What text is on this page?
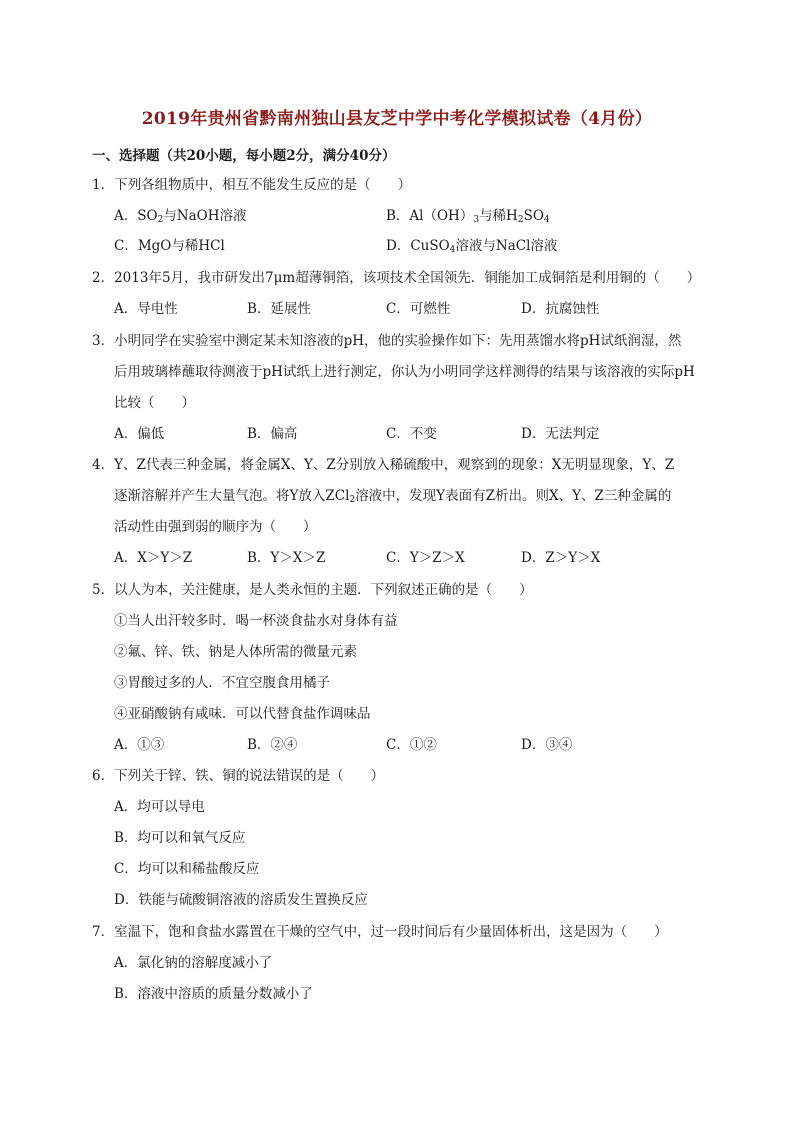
2019年贵州省黔南州独山县友芝中学中考化学模拟试卷（4月份）
一、选择题（共20小题，每小题2分，满分40分）
1．下列各组物质中，相互不能发生反应的是（　　）
A．$SO_2$与NaOH溶液	B．$Al(OH)_3$与稀$H_2SO_4$
C．MgO与稀HCl	D．CuSO$_4$溶液与NaCl溶液
2．2013年5月，我市研发出7μm超薄铜箔，该项技术全国领先．铜能加工成铜箔是利用铜的（　　）
A．导电性	B．延展性	C．可燃性	D．抗腐蚀性
3．小明同学在实验室中测定某未知溶液的pH，他的实验操作如下：先用蒸馏水将pH试纸润湿，然
后用玻璃棒蘸取待测液于pH试纸上进行测定，你认为小明同学这样测得的结果与该溶液的实际pH
比较（　　）
A．偏低	B．偏高	C．不变	D．无法判定
4．Y、Z代表三种金属，将金属X、Y、Z分别放入稀硫酸中，观察到的现象：X无明显现象，Y、Z
逐渐溶解并产生大量气泡。将Y放入ZCl$_2$溶液中，发现Y表面有Z析出。则X、Y、Z三种金属的
活动性由强到弱的顺序为（　　）
A．X＞Y＞Z	B．Y＞X＞Z	C．Y＞Z＞X	D．Z＞Y＞X
5．以人为本，关注健康，是人类永恒的主题．下列叙述正确的是（　　）
①当人出汗较多时．喝一杯淡食盐水对身体有益
②氟、锌、铁、钠是人体所需的微量元素
③胃酸过多的人．不宜空腹食用橘子
④亚硝酸钠有咸味．可以代替食盐作调味品
A．①③	B．②④	C．①②	D．③④
6．下列关于锌、铁、铜的说法错误的是（　　）
A．均可以导电
B．均可以和氧气反应
C．均可以和稀盐酸反应
D．铁能与硫酸铜溶液的溶质发生置换反应
7．室温下，饱和食盐水露置在干燥的空气中，过一段时间后有少量固体析出，这是因为（　　）
A．氯化钠的溶解度减小了
B．溶液中溶质的质量分数减小了
